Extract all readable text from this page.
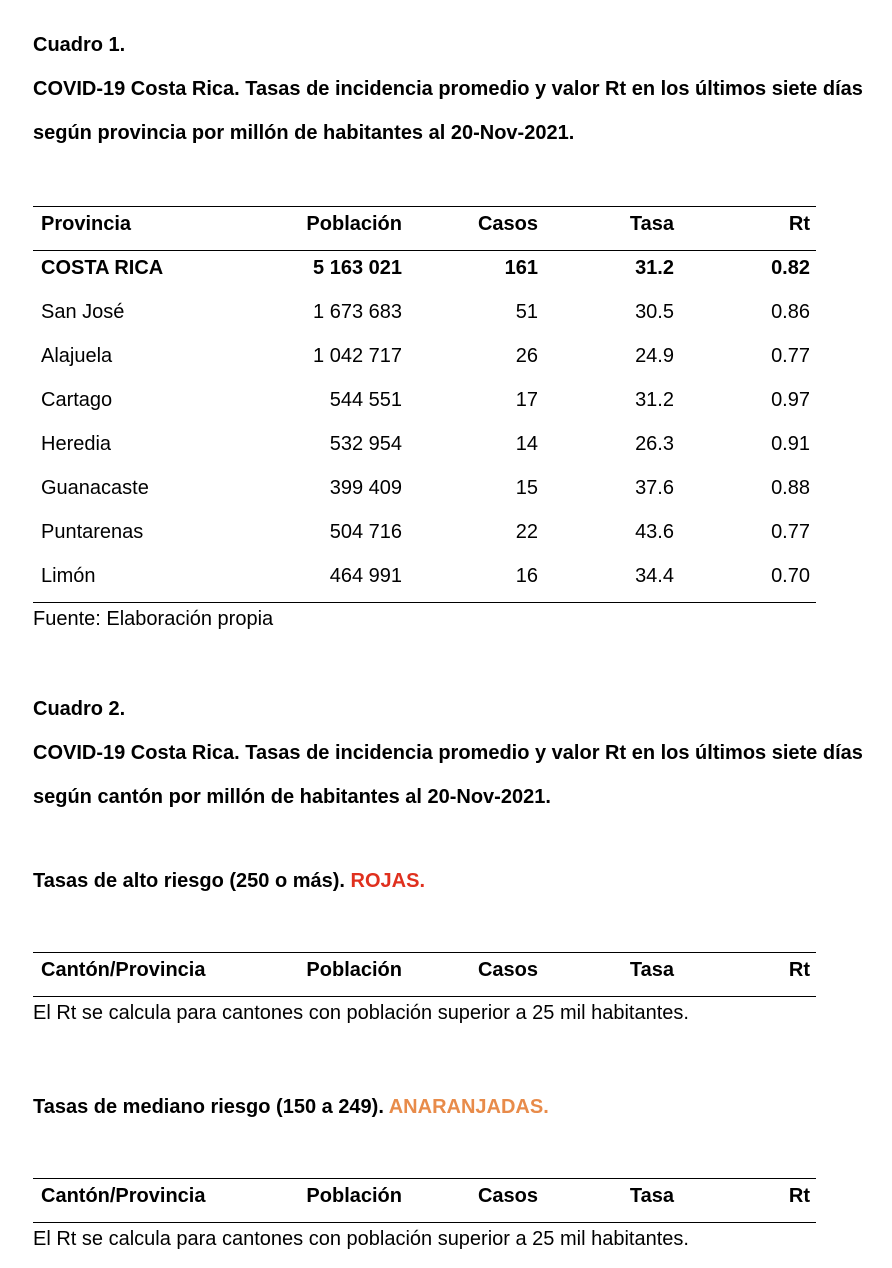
Cuadro 1.
COVID-19 Costa Rica. Tasas de incidencia promedio y valor Rt en los últimos siete días
según provincia por millón de habitantes al 20-Nov-2021.
Provincia	Población	Casos	Tasa	Rt
COSTA RICA	5 163 021	161	31.2	0.82
San José	1 673 683	51	30.5	0.86
Alajuela	1 042 717	26	24.9	0.77
Cartago	544 551	17	31.2	0.97
Heredia	532 954	14	26.3	0.91
Guanacaste	399 409	15	37.6	0.88
Puntarenas	504 716	22	43.6	0.77
Limón	464 991	16	34.4	0.70
Fuente: Elaboración propia
Cuadro 2.
COVID-19 Costa Rica. Tasas de incidencia promedio y valor Rt en los últimos siete días
según cantón por millón de habitantes al 20-Nov-2021.
Tasas de alto riesgo (250 o más). ROJAS.
Cantón/Provincia	Población	Casos	Tasa	Rt
El Rt se calcula para cantones con población superior a 25 mil habitantes.
Tasas de mediano riesgo (150 a 249). ANARANJADAS.
Cantón/Provincia	Población	Casos	Tasa	Rt
El Rt se calcula para cantones con población superior a 25 mil habitantes.
